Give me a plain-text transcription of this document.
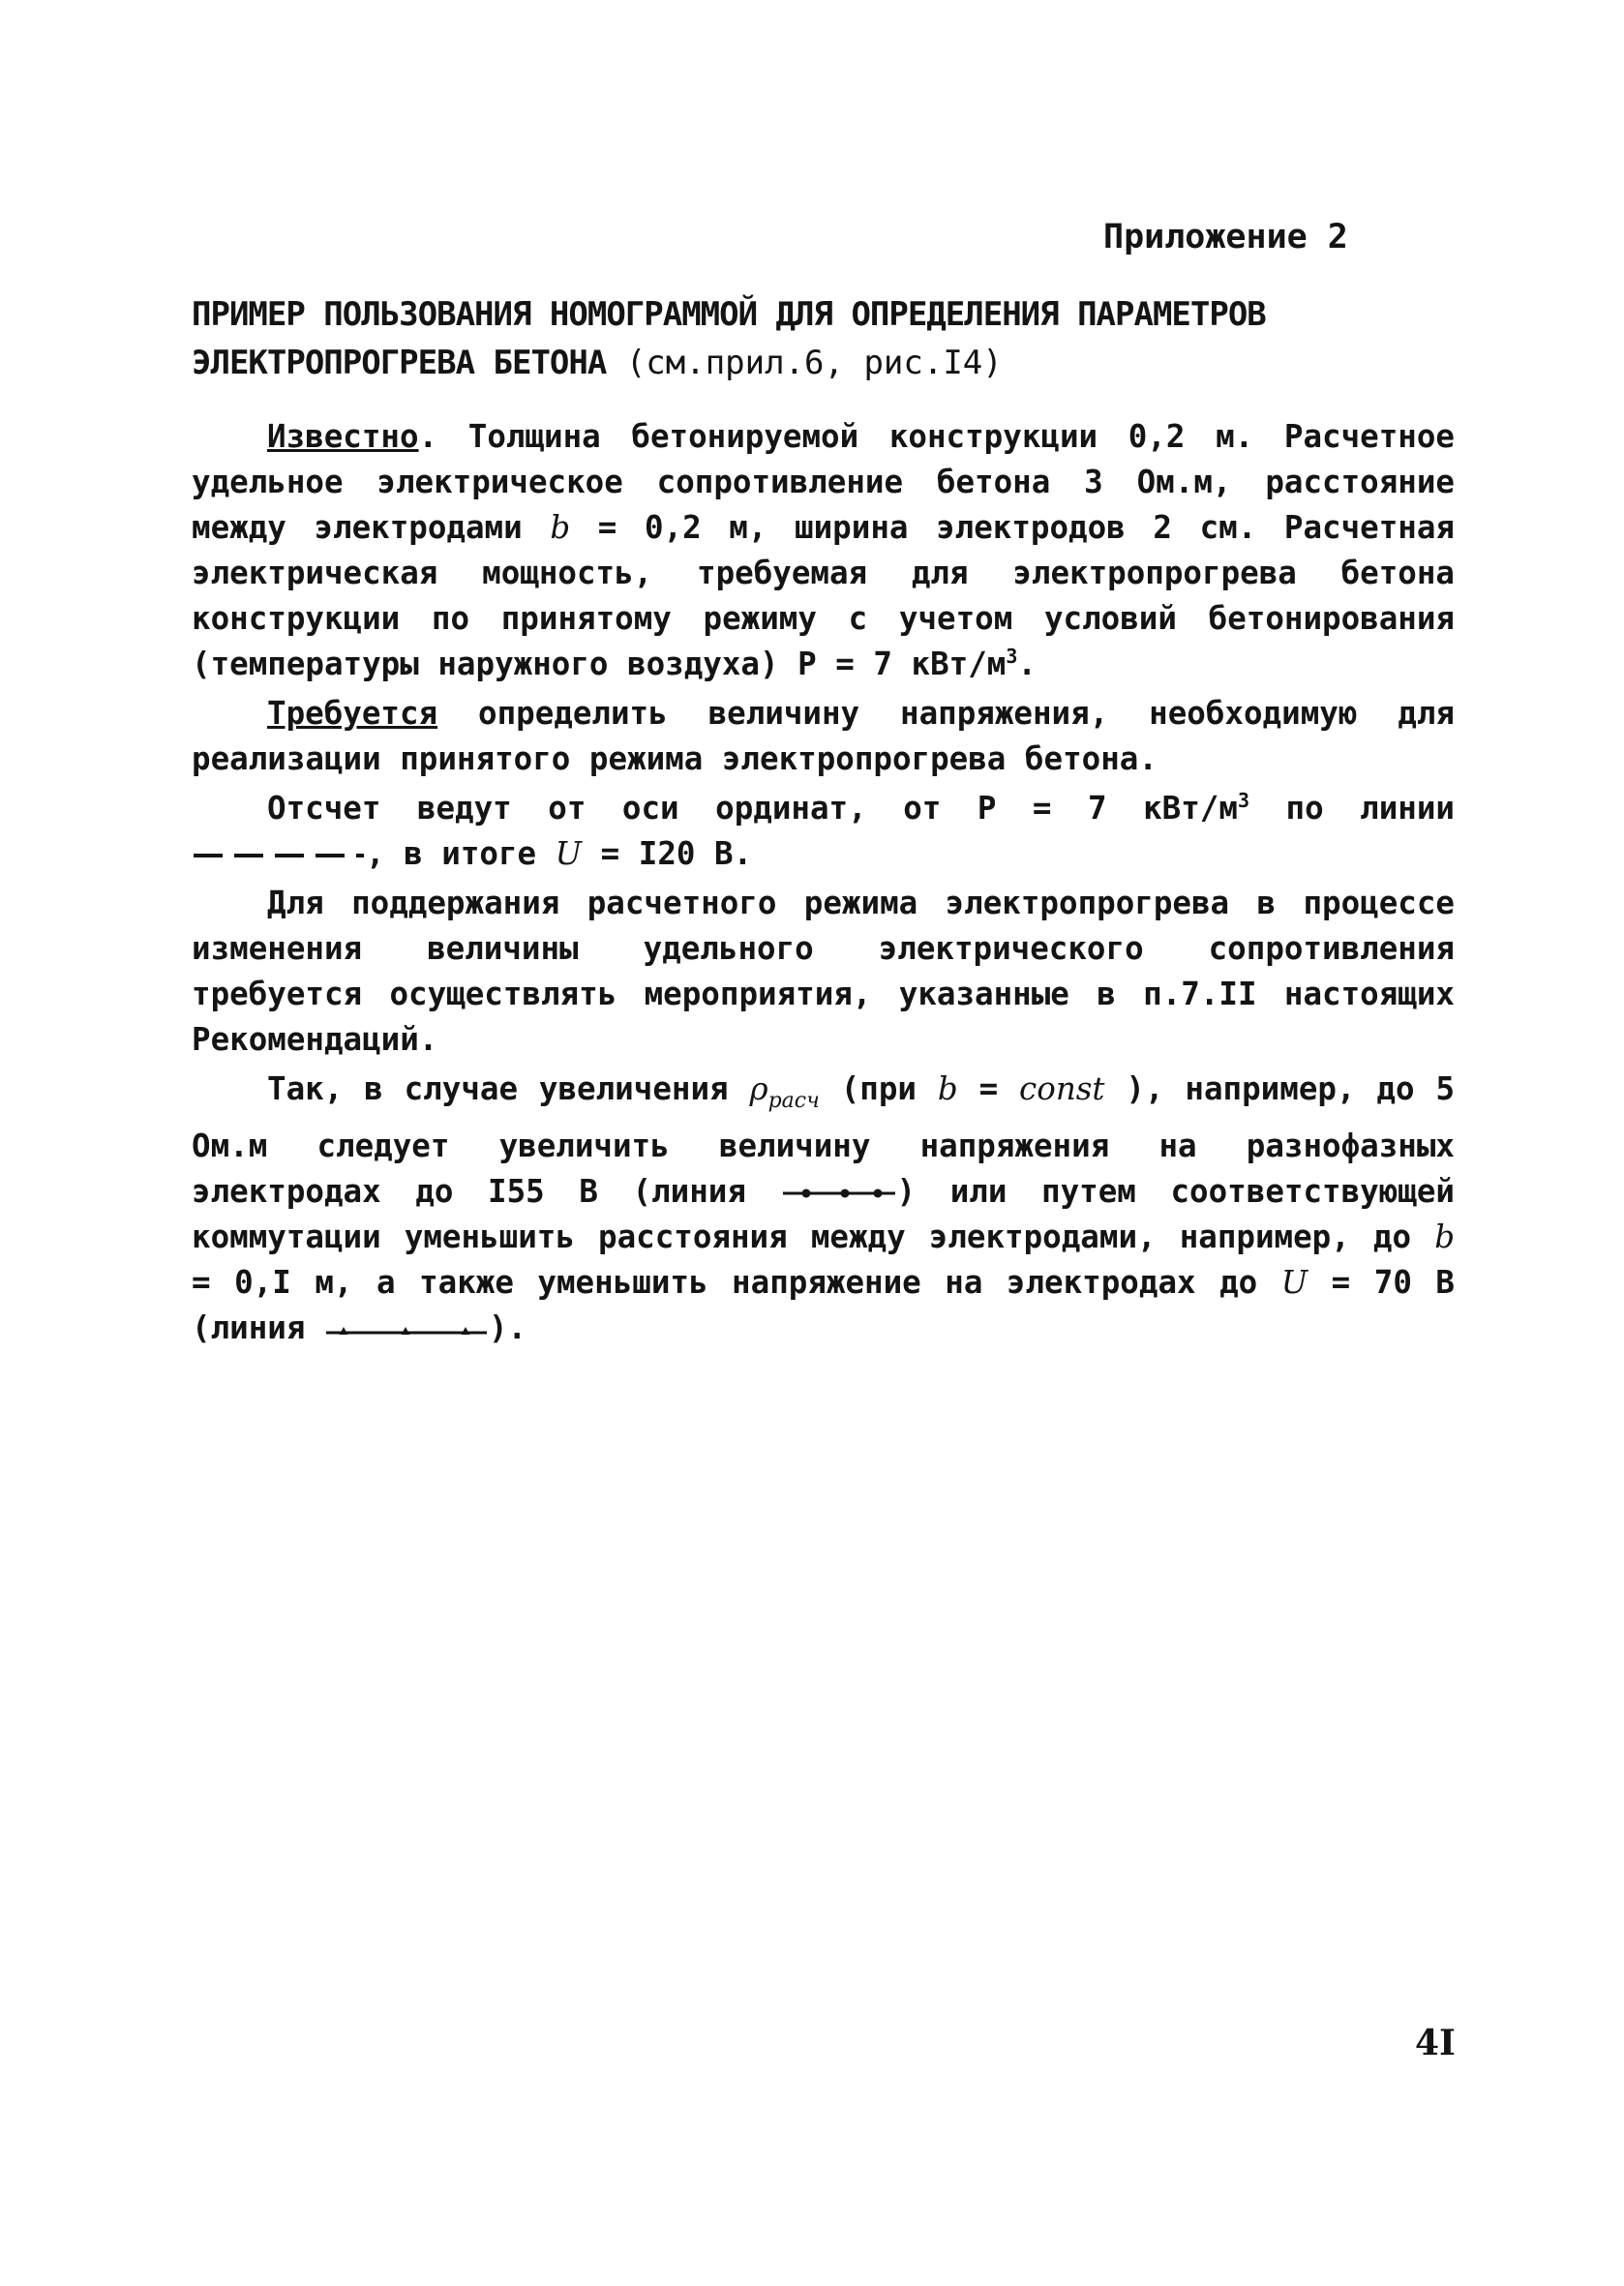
Приложение 2
ПРИМЕР ПОЛЬЗОВАНИЯ НОМОГРАММОЙ ДЛЯ ОПРЕДЕЛЕНИЯ ПАРАМЕТРОВ
ЭЛЕКТРОПРОГРЕВА БЕТОНА (см.прил.6, рис.I4)

Известно. Толщина бетонируемой конструкции 0,2 м. Расчетное удельное электрическое сопротивление бетона 3 Ом.м, расстояние между электродами b = 0,2 м, ширина электродов 2 см. Расчетная электрическая мощность, требуемая для электропрогрева бетона конструкции по принятому режиму с учетом условий бетонирования (температуры наружного воздуха) P = 7 кВт/$м^3$.

Требуется определить величину напряжения, необходимую для реализации принятого режима электропрогрева бетона.

Отсчет ведут от оси ординат, от P = 7 кВт/$м^3$ по линии , в итоге U = I20 В.

Для поддержания расчетного режима электропрогрева в процессе изменения величины удельного электрического сопротивления требуется осуществлять мероприятия, указанные в п.7.II настоящих Рекомендаций.

Так, в случае увеличения $\rho_{расч}$ (при b = const ), например, до 5 Ом.м следует увеличить величину напряжения на разнофазных электродах до I55 В (линия	) или путем соответствующей коммутации уменьшить расстояния между электродами, например, до b = 0,I м, а также уменьшить напряжение на электродах до U = 70 В (линия	).

4I
